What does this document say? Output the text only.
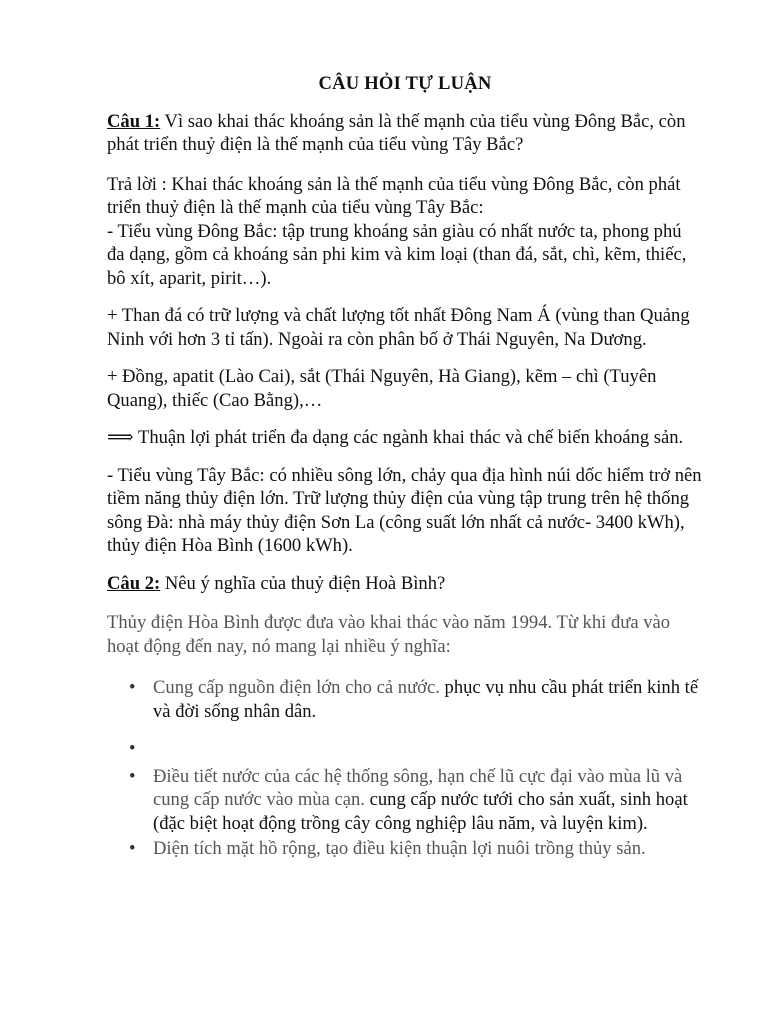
CÂU HỎI TỰ LUẬN

Câu 1: Vì sao khai thác khoáng sản là thế mạnh của tiểu vùng Đông Bắc, còn phát triển thuỷ điện là thế mạnh của tiểu vùng Tây Bắc?

Trả lời : Khai thác khoáng sản là thế mạnh của tiểu vùng Đông Bắc, còn phát triển thuỷ điện là thế mạnh của tiểu vùng Tây Bắc:

- Tiểu vùng Đông Bắc: tập trung khoáng sản giàu có nhất nước ta, phong phú đa dạng, gồm cả khoáng sản phi kim và kim loại (than đá, sắt, chì, kẽm, thiếc, bô xít, aparit, pirit…).

+ Than đá có trữ lượng và chất lượng tốt nhất Đông Nam Á (vùng than Quảng Ninh với hơn 3 tỉ tấn). Ngoài ra còn phân bố ở Thái Nguyên, Na Dương.

+ Đồng, apatit (Lào Cai), sắt (Thái Nguyên, Hà Giang), kẽm – chì (Tuyên Quang), thiếc (Cao Bằng),…

⟹ Thuận lợi phát triển đa dạng các ngành khai thác và chế biến khoáng sản.

- Tiểu vùng Tây Bắc: có nhiều sông lớn, chảy qua địa hình núi dốc hiểm trở nên tiềm năng thủy điện lớn. Trữ lượng thủy điện của vùng tập trung trên hệ thống sông Đà: nhà máy thủy điện Sơn La (công suất lớn nhất cả nước- 3400 kWh), thủy điện Hòa Bình (1600 kWh).

Câu 2: Nêu ý nghĩa của thuỷ điện Hoà Bình?

Thủy điện Hòa Bình được đưa vào khai thác vào năm 1994. Từ khi đưa vào hoạt động đến nay, nó mang lại nhiều ý nghĩa:

• Cung cấp nguồn điện lớn cho cả nước. phục vụ nhu cầu phát triển kinh tế và đời sống nhân dân.
•
• Điều tiết nước của các hệ thống sông, hạn chế lũ cực đại vào mùa lũ và cung cấp nước vào mùa cạn. cung cấp nước tưới cho sản xuất, sinh hoạt (đặc biệt hoạt động trồng cây công nghiệp lâu năm, và luyện kim).
• Diện tích mặt hồ rộng, tạo điều kiện thuận lợi nuôi trồng thủy sản.
